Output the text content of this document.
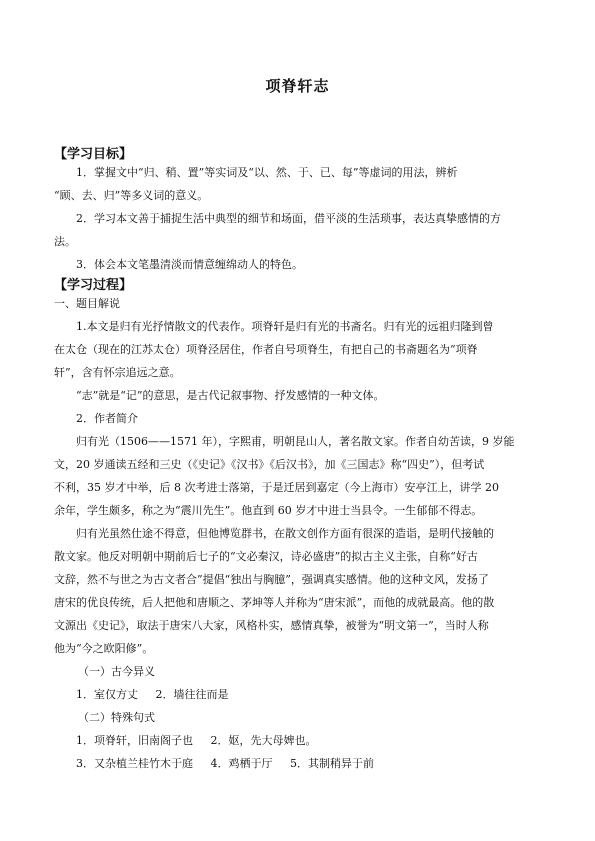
项脊轩志
【学习目标】
1．掌握文中“归、稍、置”等实词及“以、然、于、已、每”等虚词的用法，辨析
“顾、去、归”等多义词的意义。
2．学习本文善于捕捉生活中典型的细节和场面，借平淡的生活琐事，表达真挚感情的方
法。
3．体会本文笔墨清淡而情意缠绵动人的特色。
【学习过程】
一、题目解说
1.本文是归有光抒情散文的代表作。项脊轩是归有光的书斋名。归有光的远祖归隆到曾
在太仓（现在的江苏太仓）项脊泾居住，作者自号项脊生，有把自己的书斋题名为“项脊
轩”，含有怀宗追远之意。
“志”就是“记”的意思，是古代记叙事物、抒发感情的一种文体。
2．作者简介
归有光（1506——1571 年），字熙甫，明朝昆山人，著名散文家。作者自幼苦读，9 岁能
文，20 岁通读五经和三史（《史记》《汉书》《后汉书》，加《三国志》称“四史”），但考试
不利，35 岁才中举，后 8 次考进士落第，于是迁居到嘉定（今上海市）安亭江上，讲学 20
余年，学生颇多，称之为“震川先生”。他直到 60 岁才中进士当县令。一生郁郁不得志。
归有光虽然仕途不得意，但他博览群书，在散文创作方面有很深的造诣，是明代接触的
散文家。他反对明朝中期前后七子的“文必秦汉，诗必盛唐”的拟古主义主张，自称“好古
文辞，然不与世之为古文者合”提倡“独出与胸臆”，强调真实感情。他的这种文风，发扬了
唐宋的优良传统，后人把他和唐顺之、茅坤等人并称为“唐宋派”，而他的成就最高。他的散
文源出《史记》，取法于唐宋八大家，风格朴实，感情真挚，被誉为“明文第一”，当时人称
他为“今之欧阳修”。
（一）古今异义
1．室仅方丈     2．墙往往而是
（二）特殊句式
1．项脊轩，旧南阁子也     2．妪，先大母婢也。
3．又杂植兰桂竹木于庭     4．鸡栖于厅     5．其制稍异于前
